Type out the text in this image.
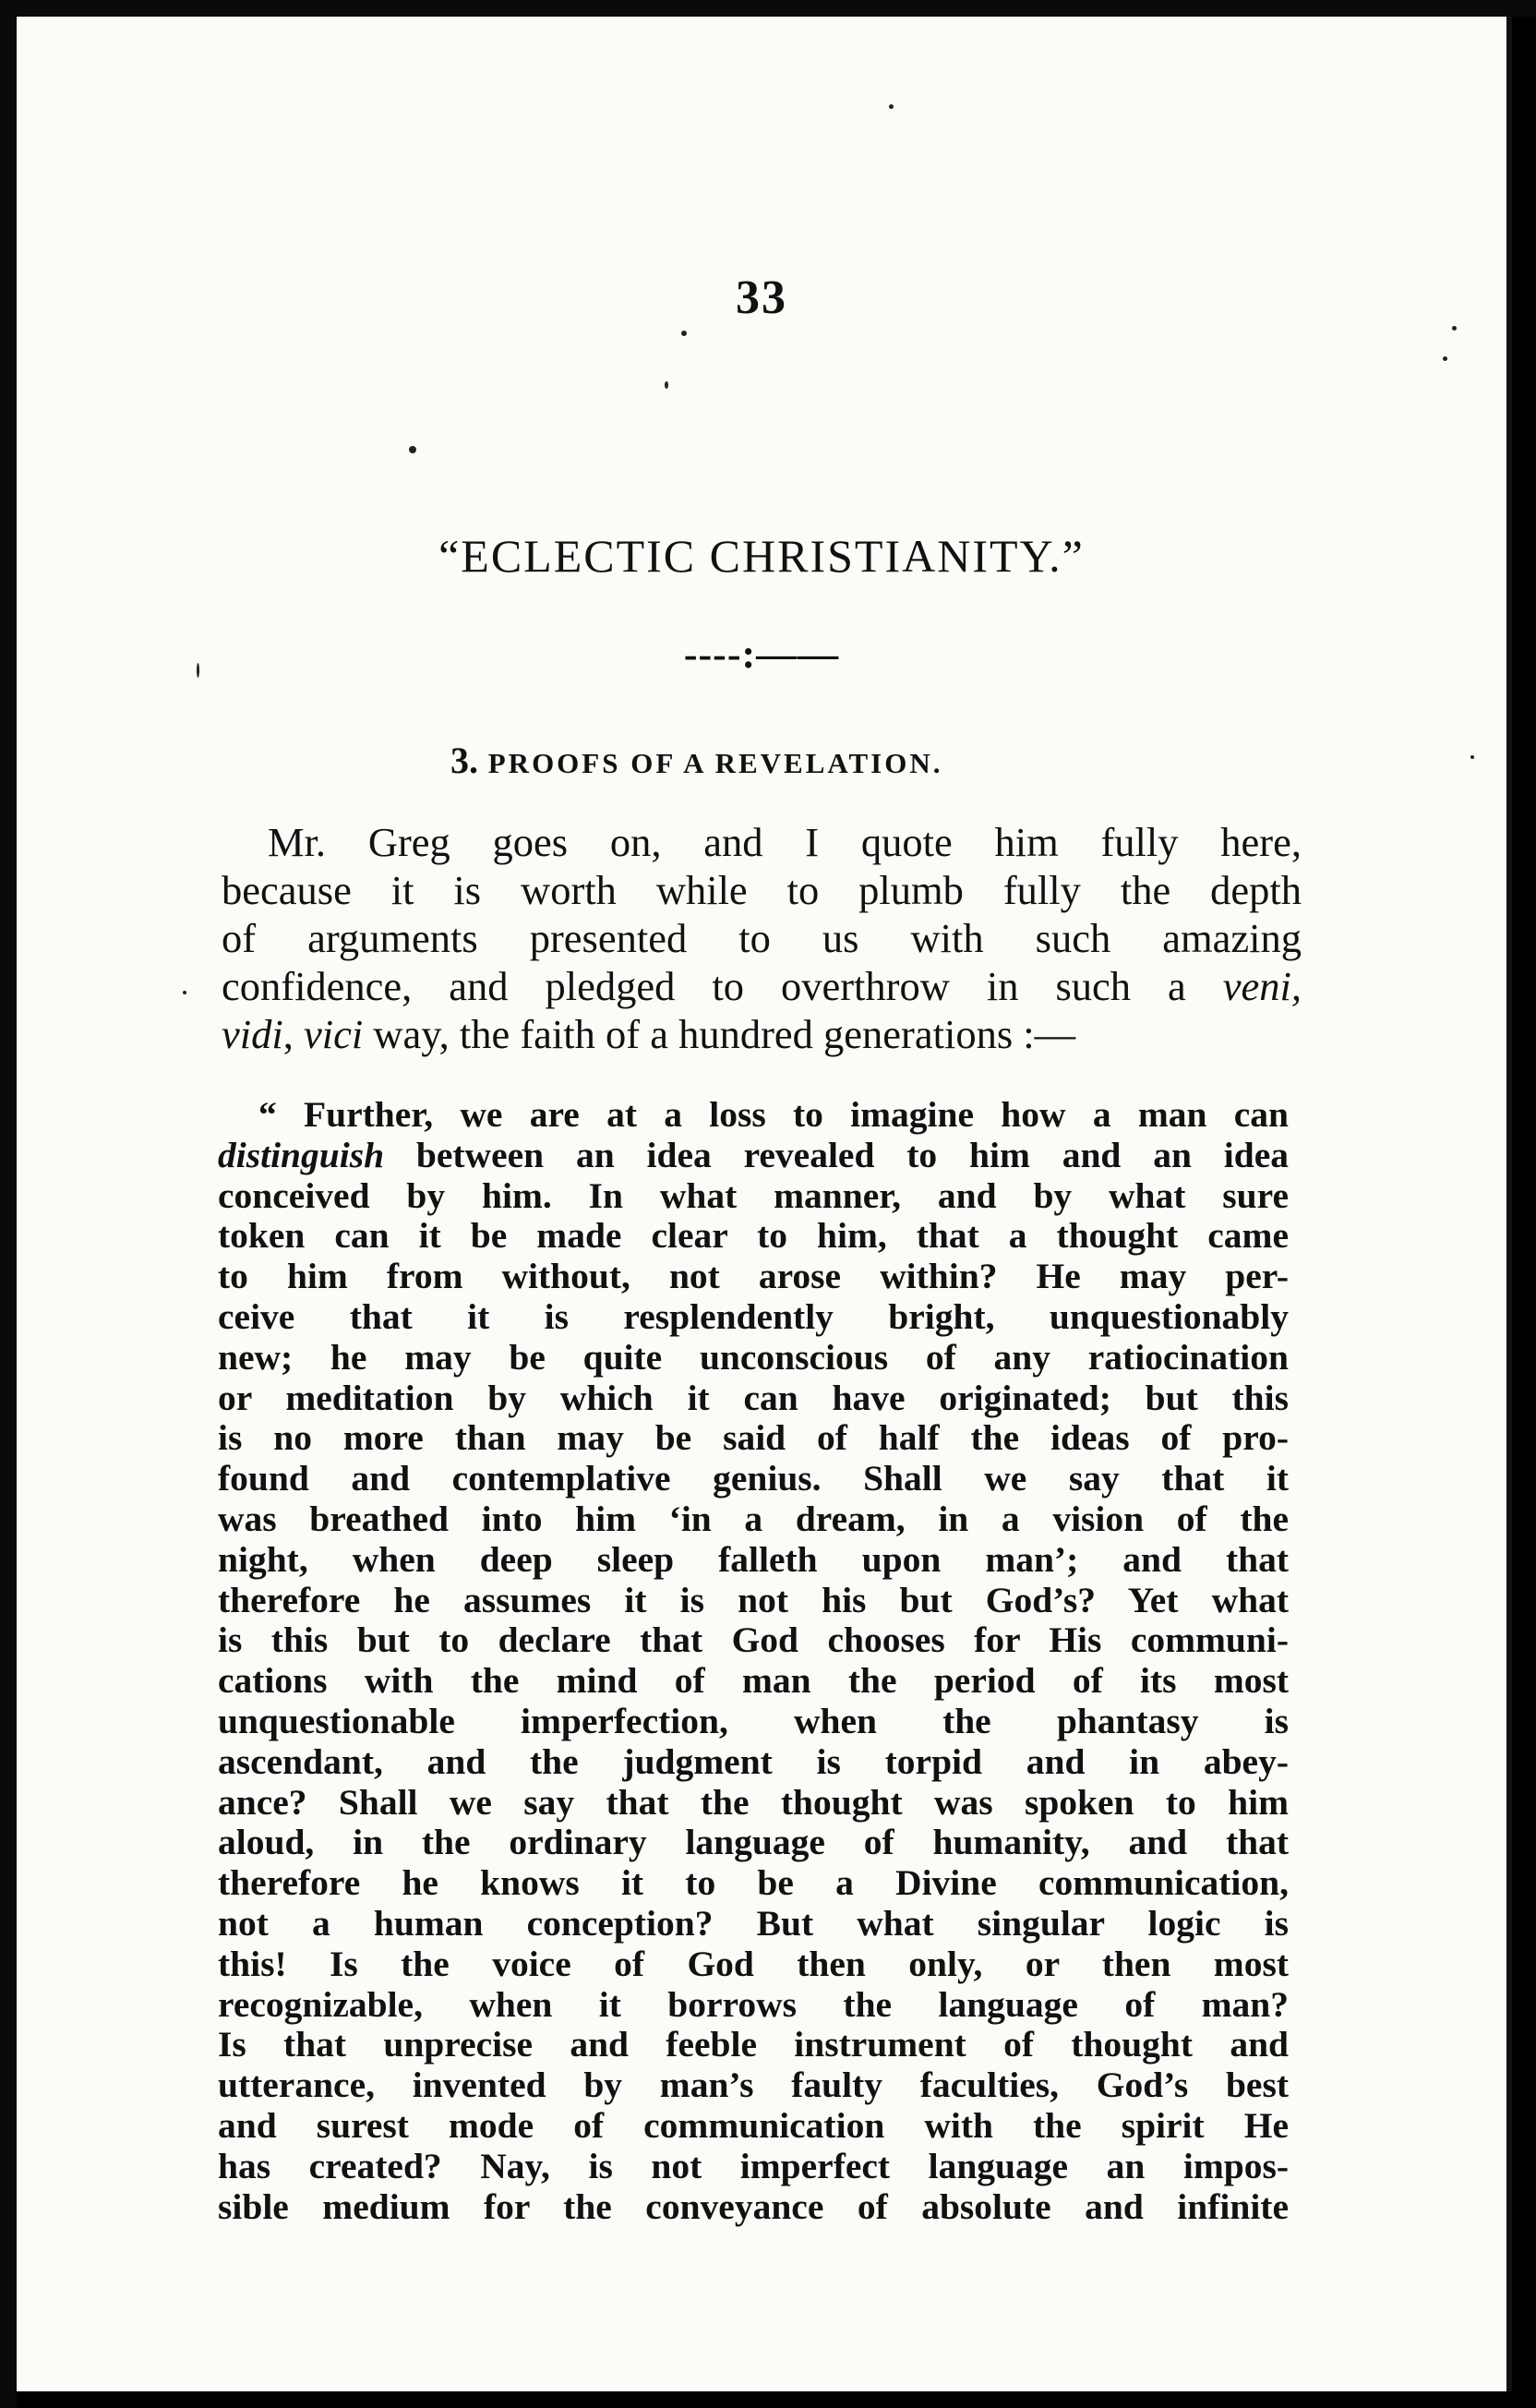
33
“ECLECTIC CHRISTIANITY.”
----:——
3. PROOFS OF A REVELATION.
Mr. Greg goes on, and I quote him fully here,
because it is worth while to plumb fully the depth
of arguments presented to us with such amazing
confidence, and pledged to overthrow in such a veni,
vidi, vici way, the faith of a hundred generations :—
“ Further, we are at a loss to imagine how a man can
distinguish between an idea revealed to him and an idea
conceived by him. In what manner, and by what sure
token can it be made clear to him, that a thought came
to him from without, not arose within? He may per-
ceive that it is resplendently bright, unquestionably
new; he may be quite unconscious of any ratiocination
or meditation by which it can have originated; but this
is no more than may be said of half the ideas of pro-
found and contemplative genius. Shall we say that it
was breathed into him ‘in a dream, in a vision of the
night, when deep sleep falleth upon man’; and that
therefore he assumes it is not his but God’s? Yet what
is this but to declare that God chooses for His communi-
cations with the mind of man the period of its most
unquestionable imperfection, when the phantasy is
ascendant, and the judgment is torpid and in abey-
ance? Shall we say that the thought was spoken to him
aloud, in the ordinary language of humanity, and that
therefore he knows it to be a Divine communication,
not a human conception? But what singular logic is
this! Is the voice of God then only, or then most
recognizable, when it borrows the language of man?
Is that unprecise and feeble instrument of thought and
utterance, invented by man’s faulty faculties, God’s best
and surest mode of communication with the spirit He
has created? Nay, is not imperfect language an impos-
sible medium for the conveyance of absolute and infinite
